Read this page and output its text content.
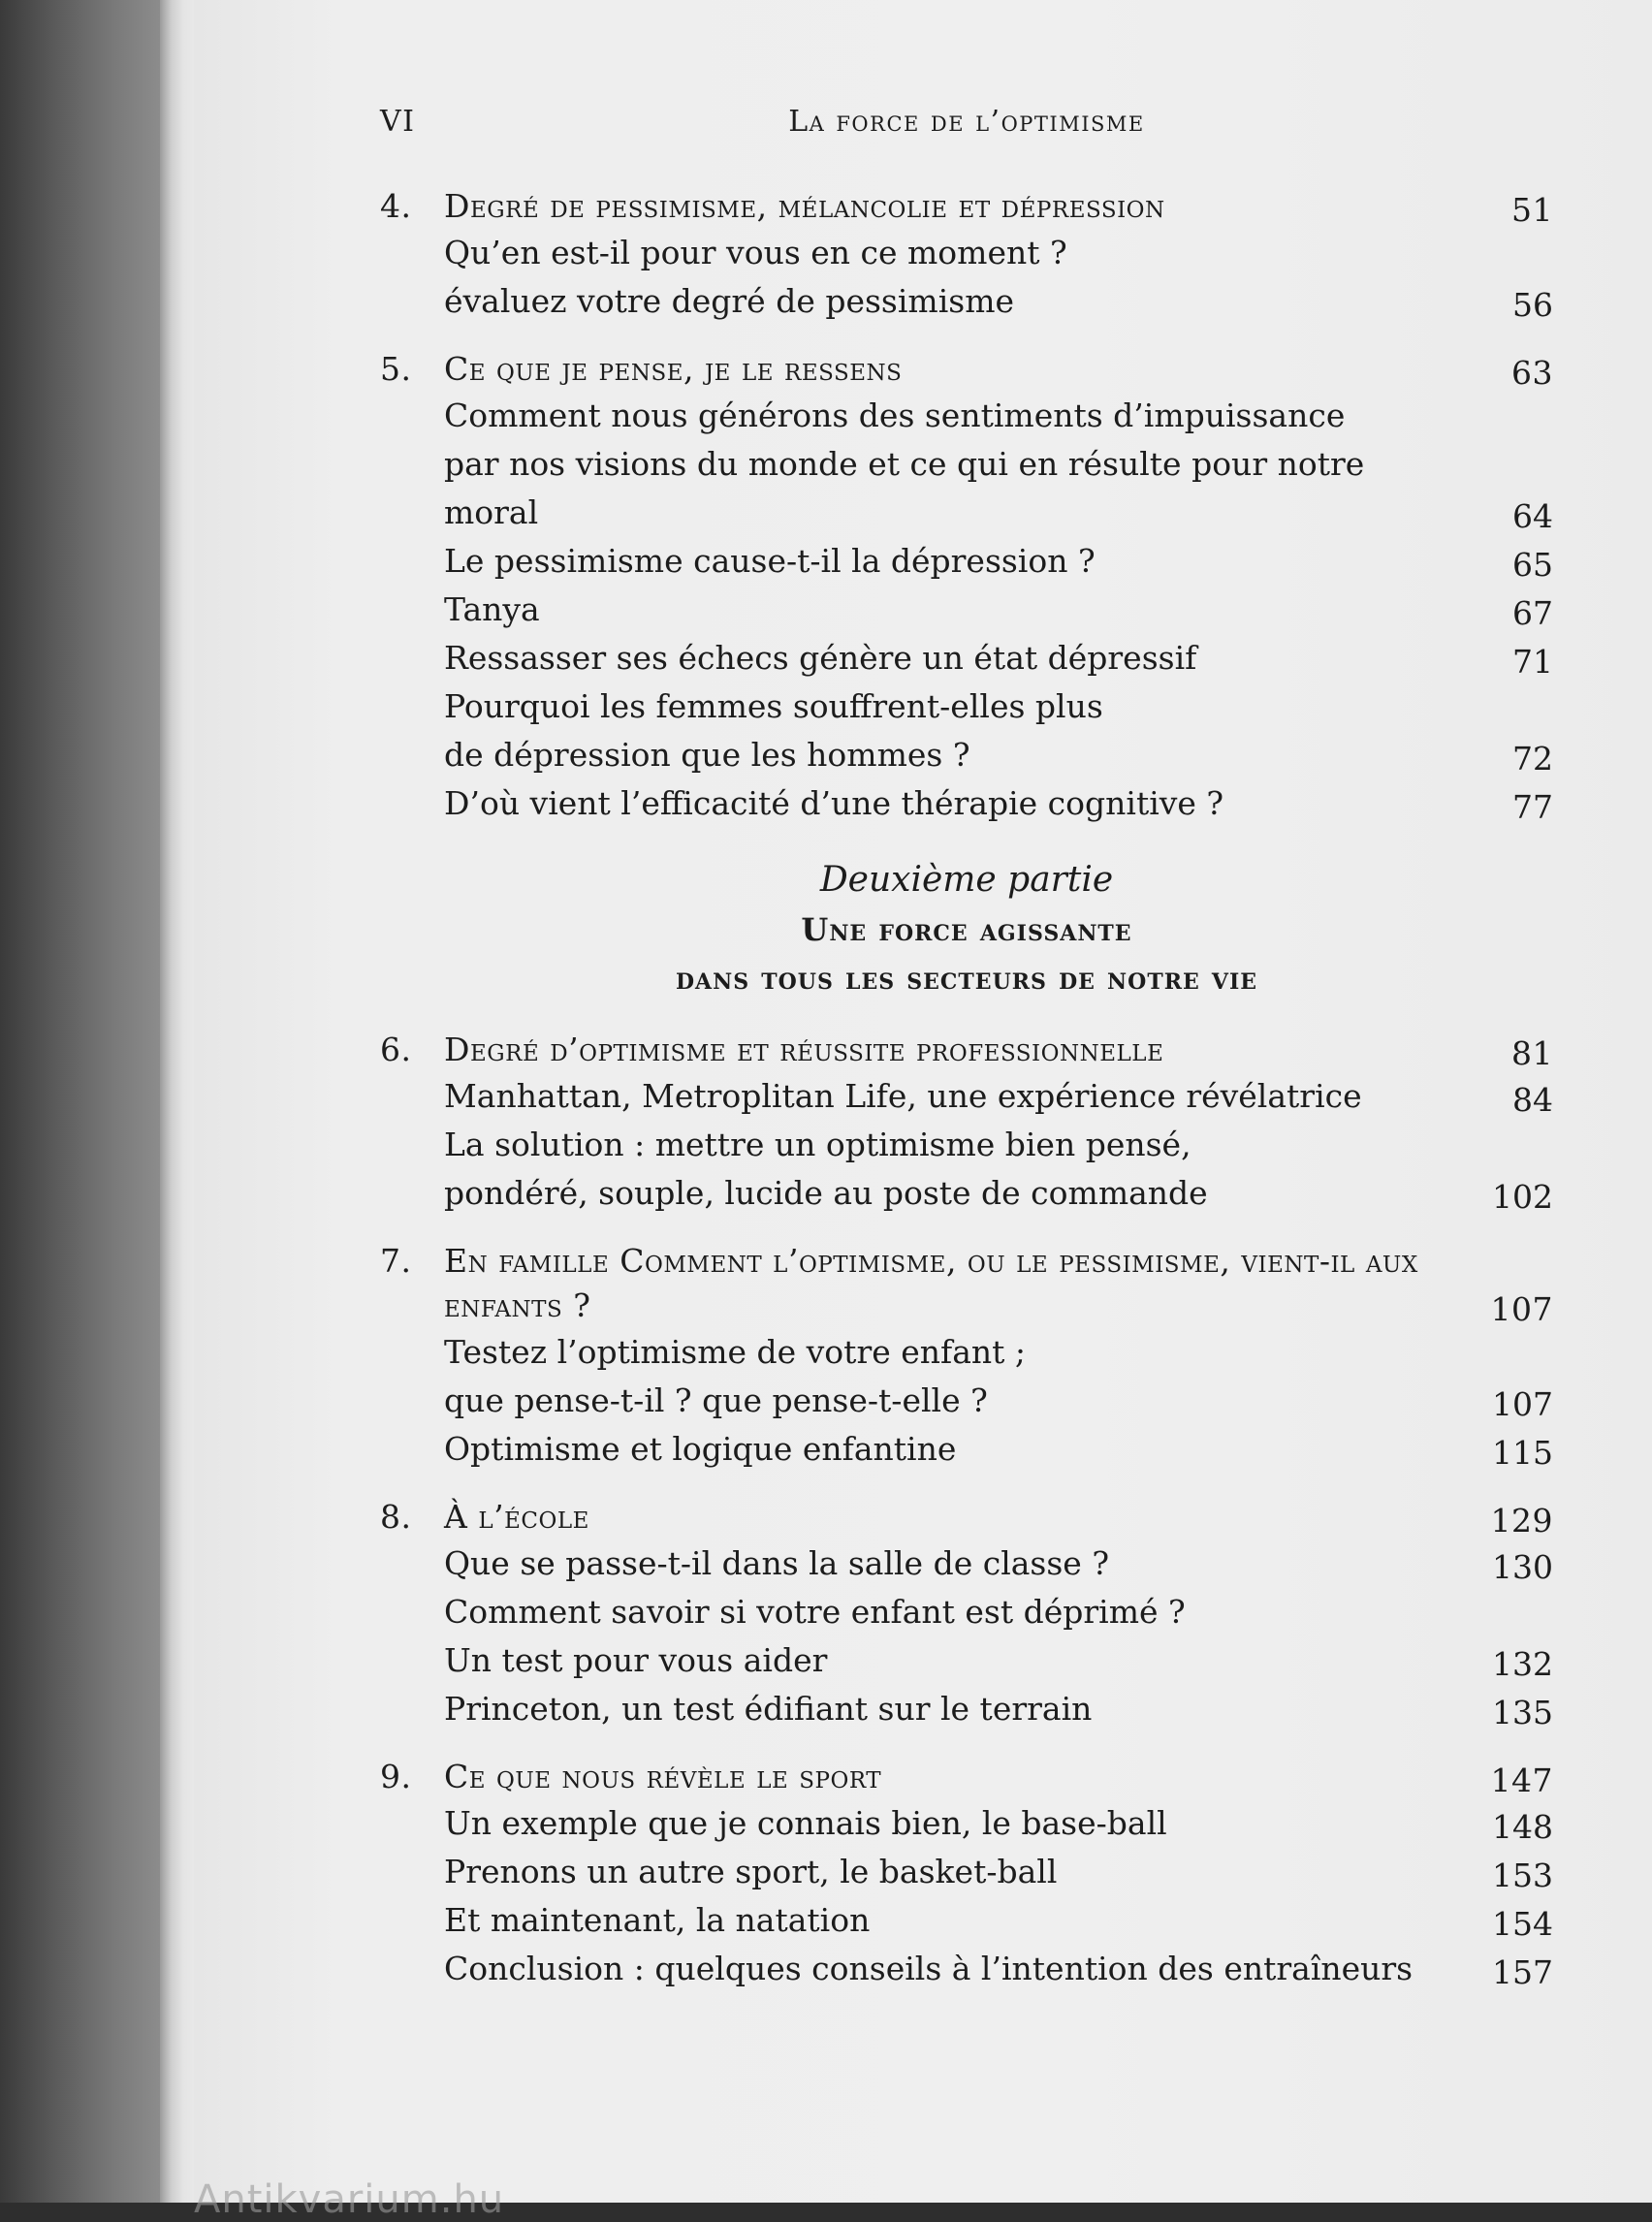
Antikvarium.hu
VI	La force de l’optimisme
4.	Degré de pessimisme, mélancolie et dépression	51
Qu’en est-il pour vous en ce moment ?
évaluez votre degré de pessimisme	56
5.	Ce que je pense, je le ressens	63
Comment nous générons des sentiments d’impuissance
par nos visions du monde et ce qui en résulte pour notre moral	64
Le pessimisme cause-t-il la dépression ?	65
Tanya	67
Ressasser ses échecs génère un état dépressif	71
Pourquoi les femmes souffrent-elles plus
de dépression que les hommes ?	72
D’où vient l’efficacité d’une thérapie cognitive ?	77
Deuxième partie
Une force agissante
dans tous les secteurs de notre vie
6.	Degré d’optimisme et réussite professionnelle	81
Manhattan, Metroplitan Life, une expérience révélatrice	84
La solution : mettre un optimisme bien pensé,
pondéré, souple, lucide au poste de commande	102
7.	En famille Comment l’optimisme, ou le pessimisme, vient-il aux enfants ?	107
Testez l’optimisme de votre enfant ;
que pense-t-il ? que pense-t-elle ?	107
Optimisme et logique enfantine	115
8.	À l’école	129
Que se passe-t-il dans la salle de classe ?	130
Comment savoir si votre enfant est déprimé ?
Un test pour vous aider	132
Princeton, un test édifiant sur le terrain	135
9.	Ce que nous révèle le sport	147
Un exemple que je connais bien, le base-ball	148
Prenons un autre sport, le basket-ball	153
Et maintenant, la natation	154
Conclusion : quelques conseils à l’intention des entraîneurs	157
